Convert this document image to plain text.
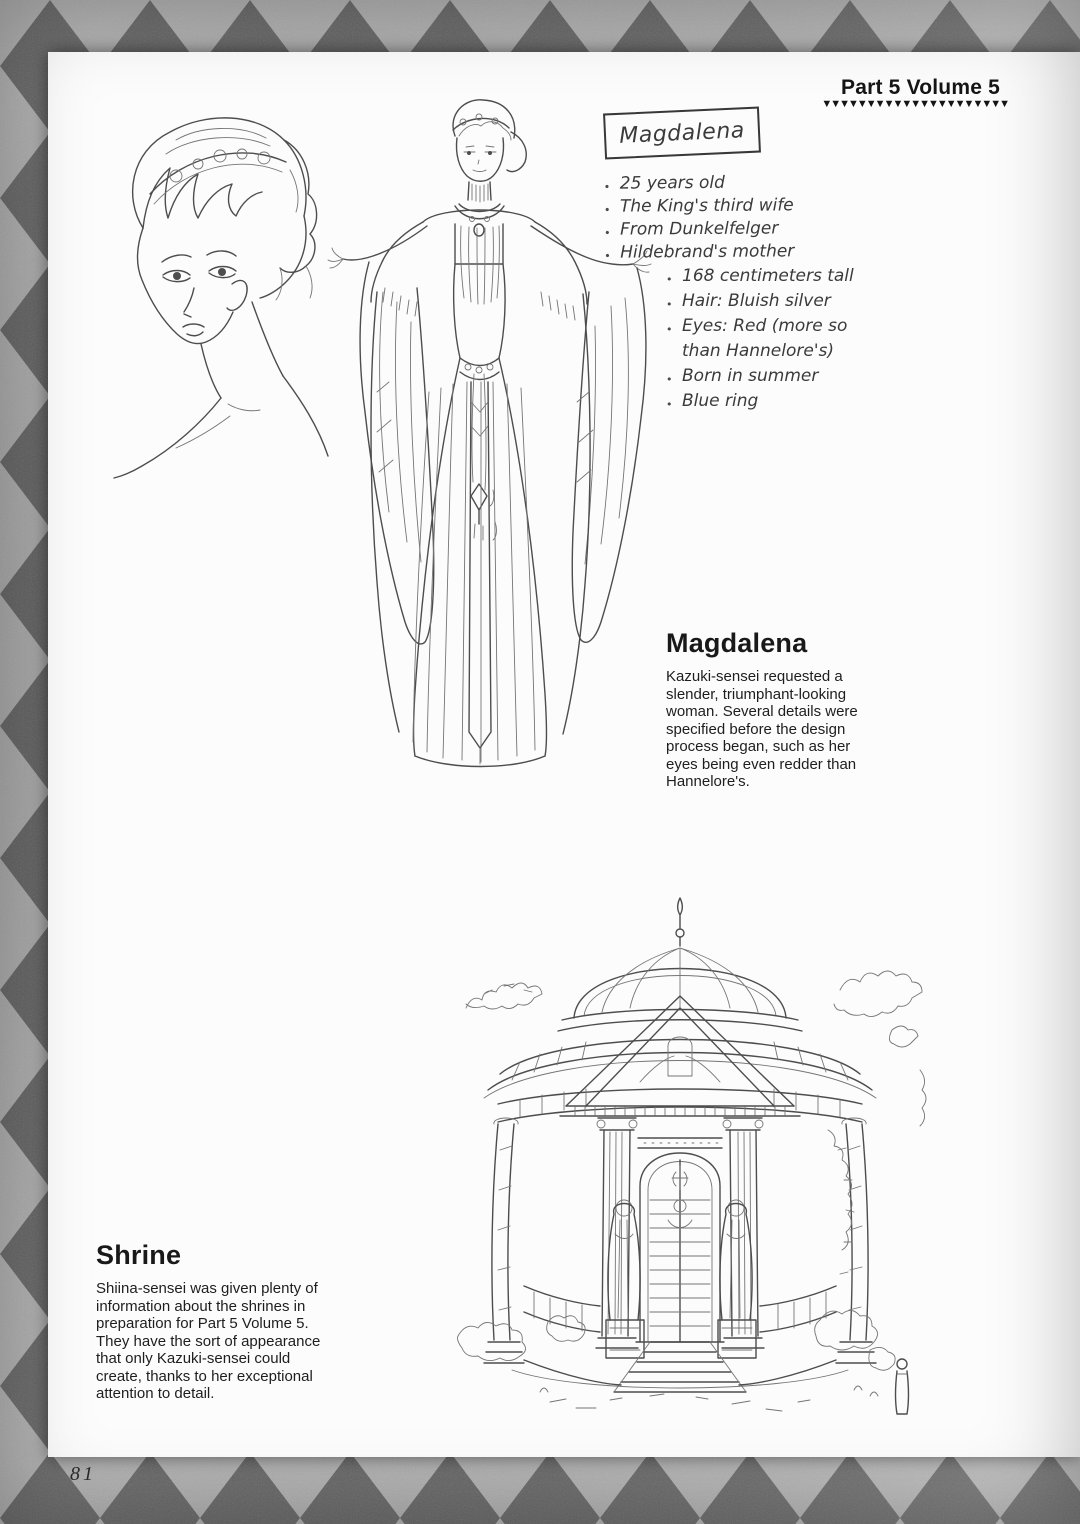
Part 5 Volume 5
▼▼▼▼▼▼▼▼▼▼▼▼▼▼▼▼▼▼▼▼▼
Magdalena
• 25 years old
• The King's third wife
• From Dunkelfelger
• Hildebrand's mother
• 168 centimeters tall
• Hair: Bluish silver
• Eyes: Red (more so than Hannelore's)
• Born in summer
• Blue ring
Magdalena

Kazuki-sensei requested a slender, triumphant-looking woman. Several details were specified before the design process began, such as her eyes being even redder than Hannelore's.

Shrine

Shiina-sensei was given plenty of information about the shrines in preparation for Part 5 Volume 5. They have the sort of appearance that only Kazuki-sensei could create, thanks to her exceptional attention to detail.

81
